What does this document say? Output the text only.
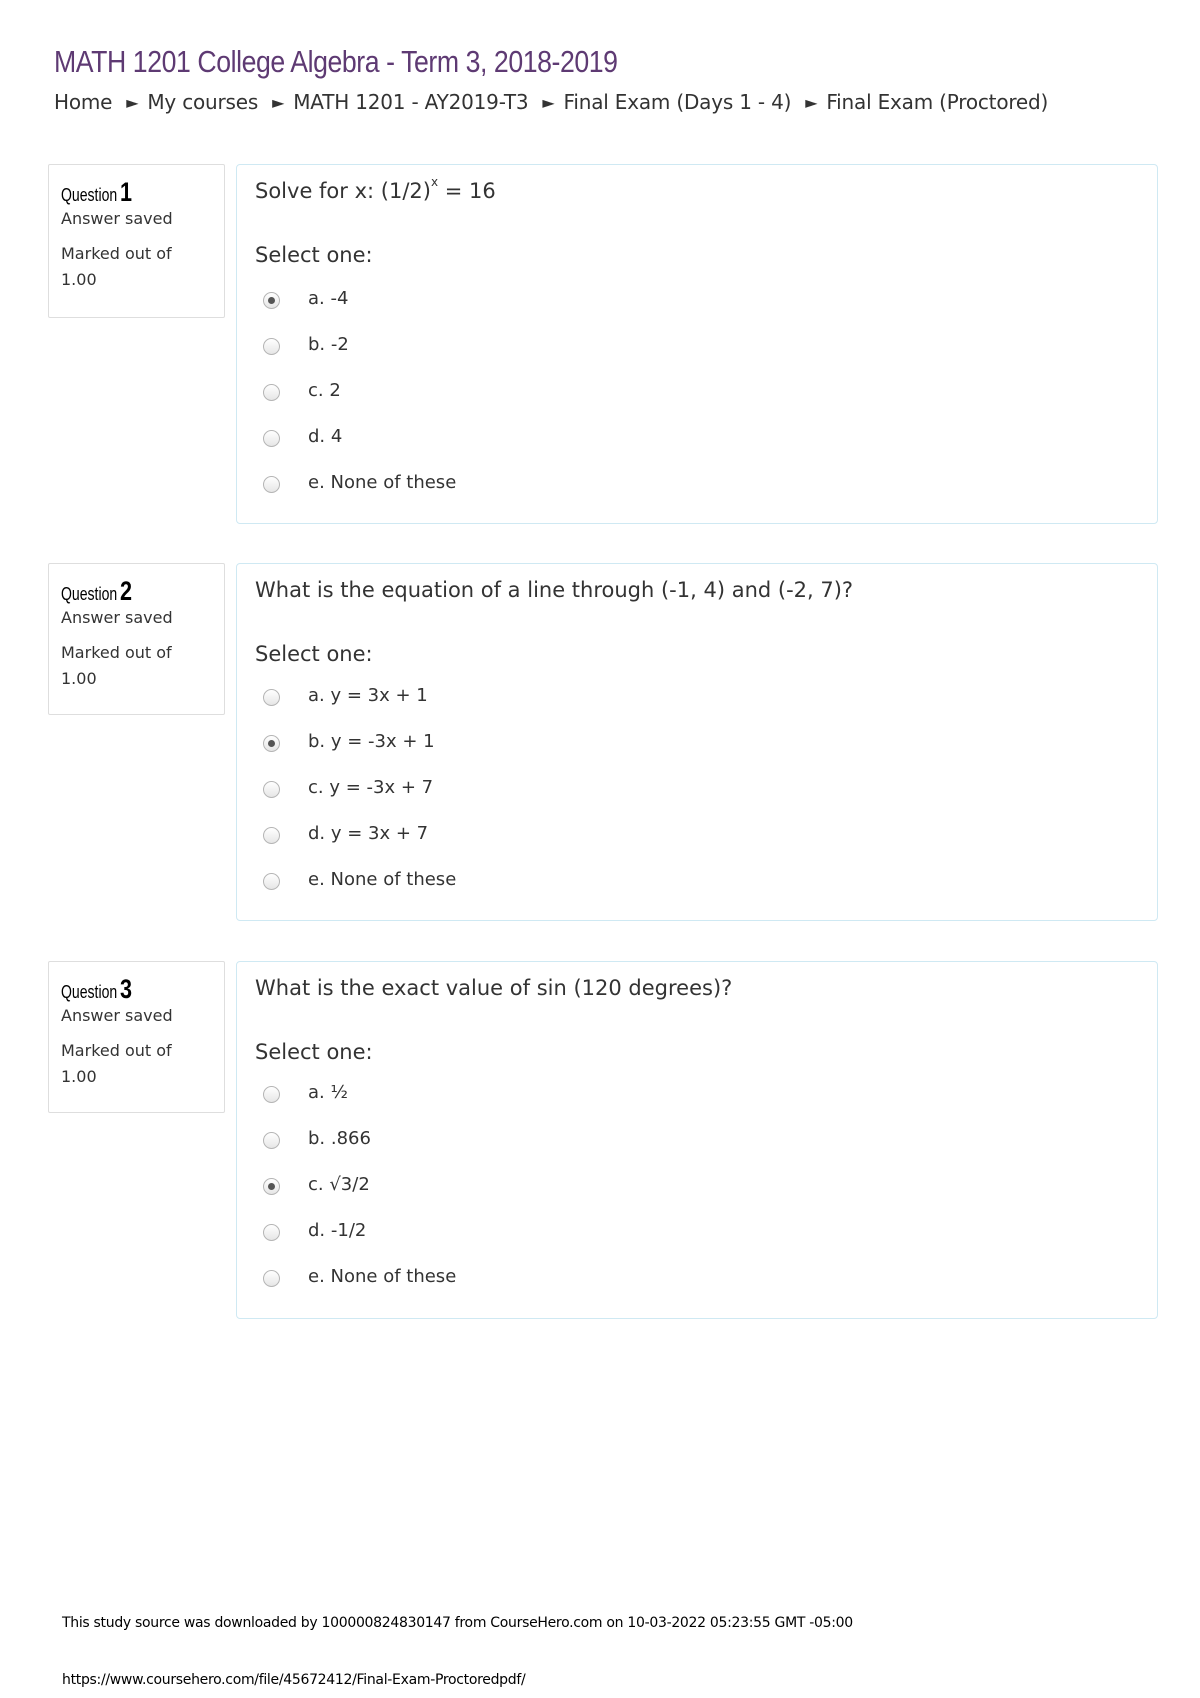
MATH 1201 College Algebra - Term 3, 2018-2019
Home ► My courses ► MATH 1201 - AY2019-T3 ► Final Exam (Days 1 - 4) ► Final Exam (Proctored)
Question 1
Answer saved
Marked out of 1.00
Solve for x: $(1/2)^x = 16$
Select one:
a. -4
b. -2
c. 2
d. 4
e. None of these
Question 2
Answer saved
Marked out of 1.00
What is the equation of a line through (-1, 4) and (-2, 7)?
Select one:
a. y = 3x + 1
b. y = -3x + 1
c. y = -3x + 7
d. y = 3x + 7
e. None of these
Question 3
Answer saved
Marked out of 1.00
What is the exact value of sin (120 degrees)?
Select one:
a. ½
b. .866
c. √3/2
d. -1/2
e. None of these
This study source was downloaded by 100000824830147 from CourseHero.com on 10-03-2022 05:23:55 GMT -05:00
https://www.coursehero.com/file/45672412/Final-Exam-Proctoredpdf/
